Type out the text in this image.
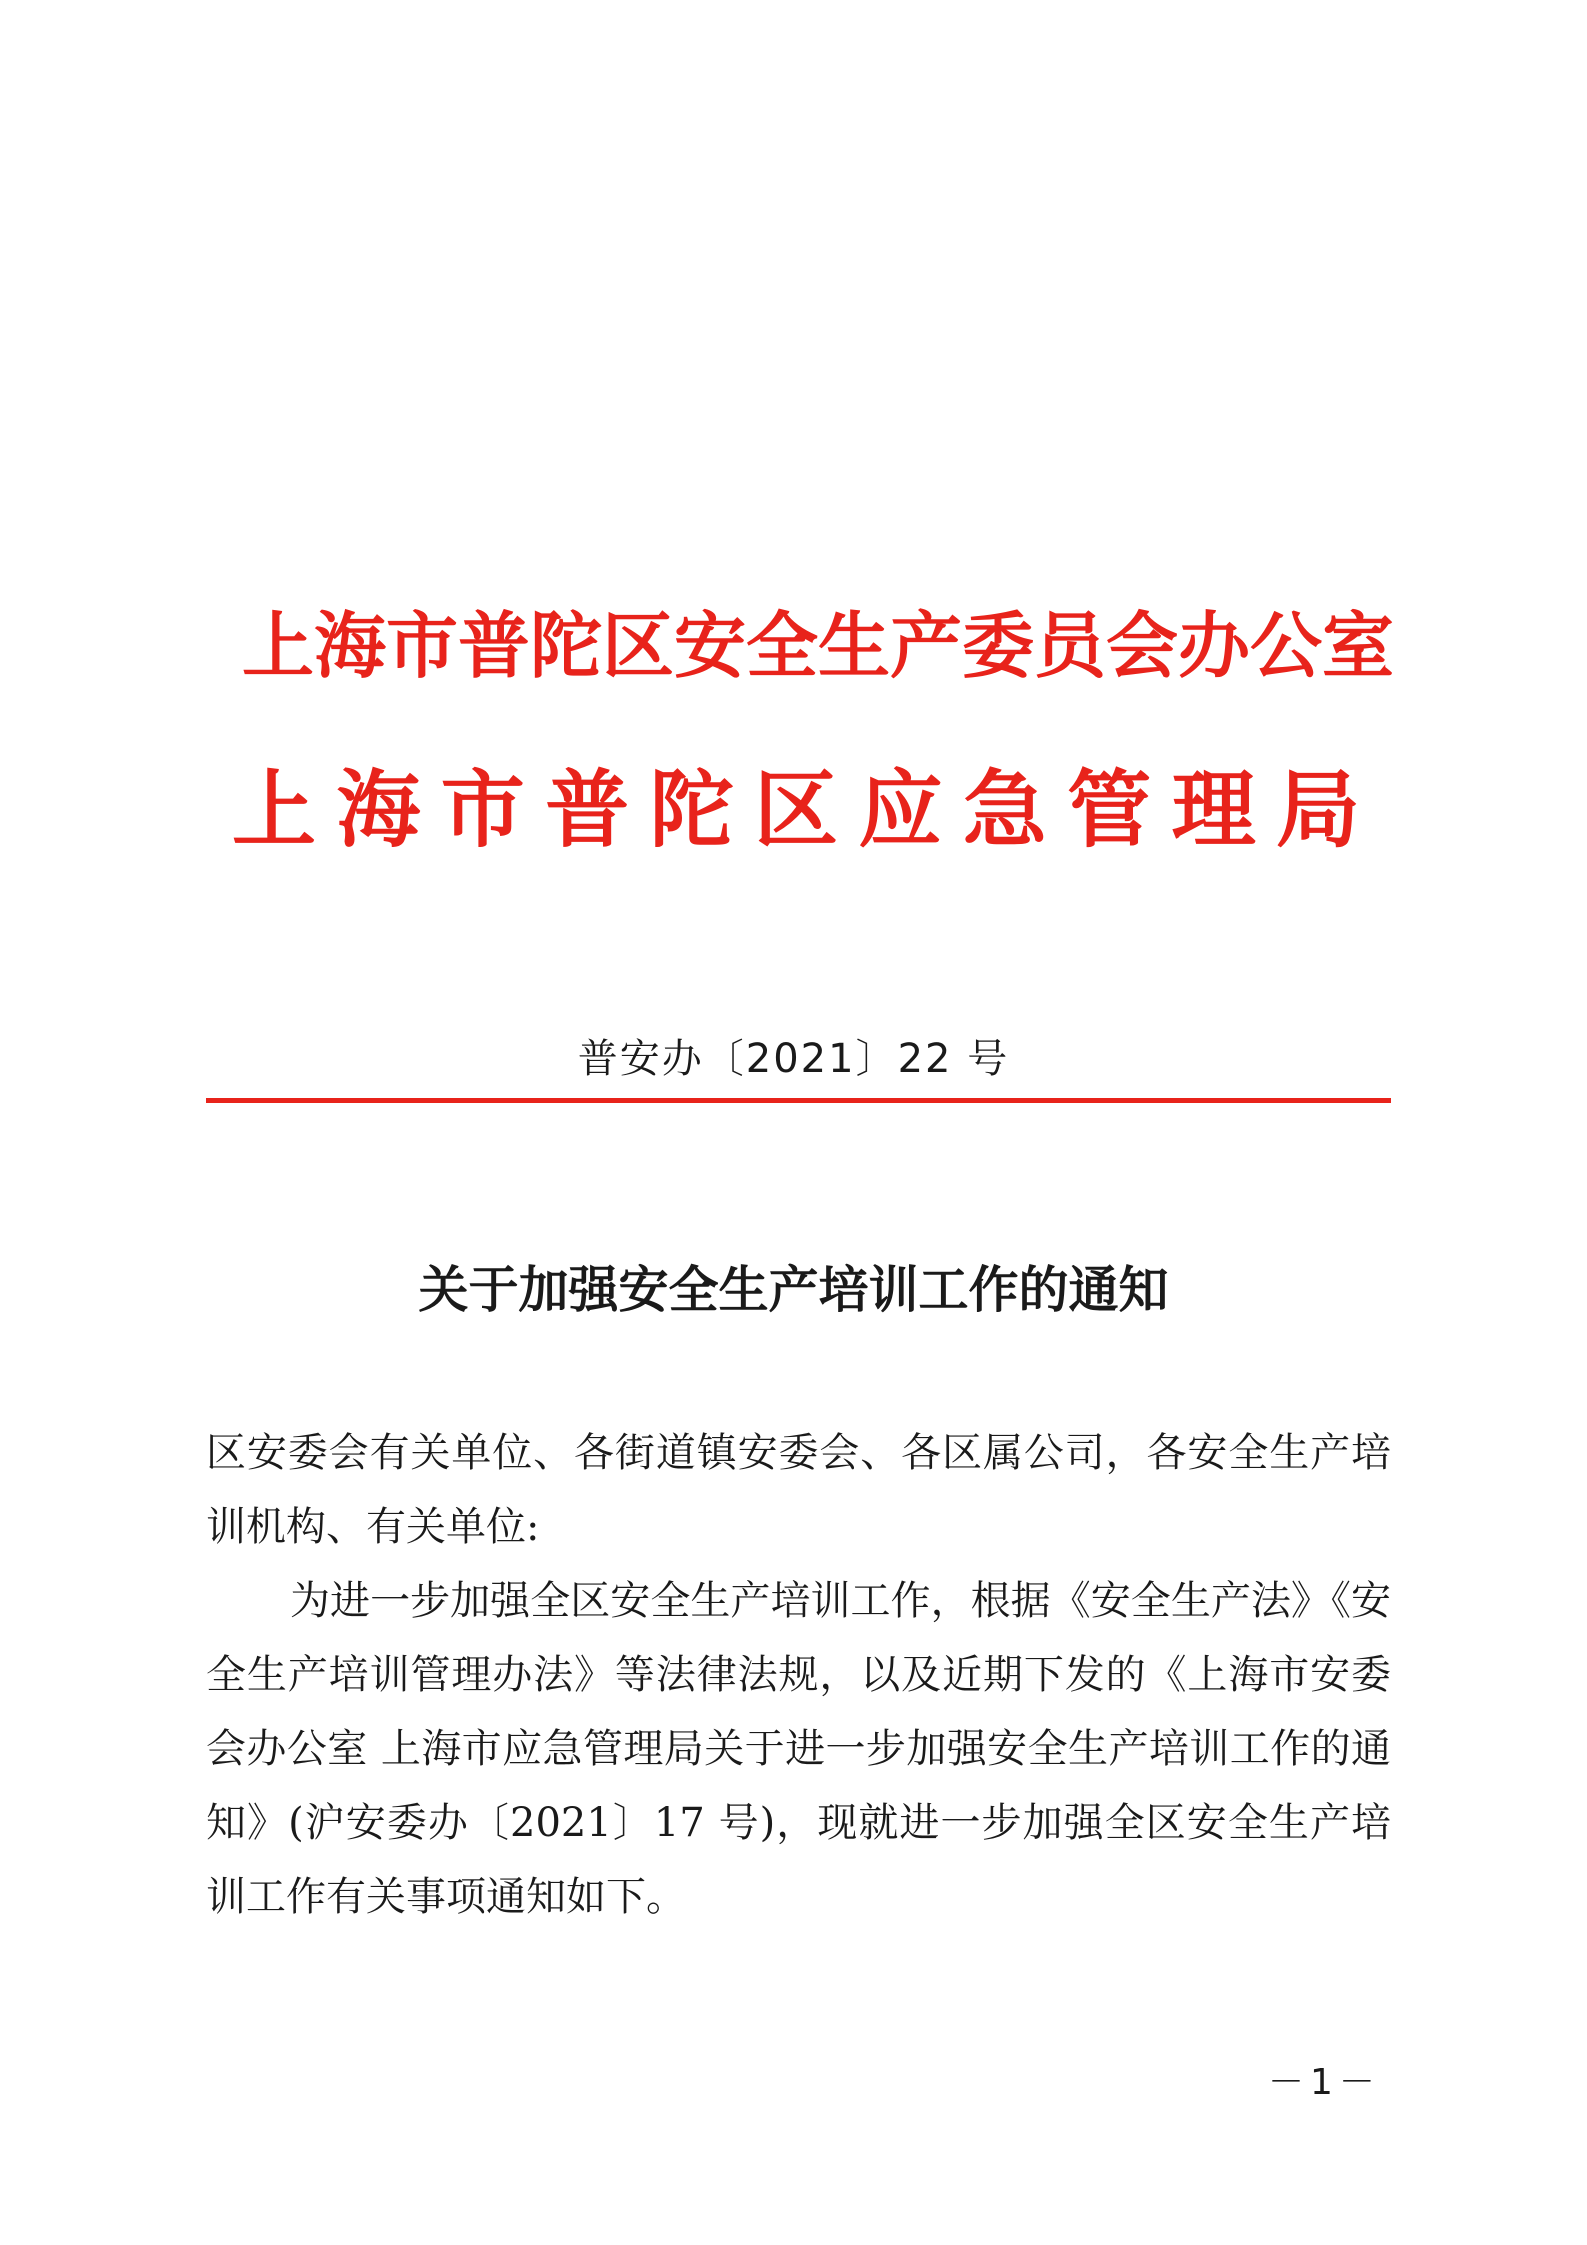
上海市普陀区安全生产委员会办公室
上海市普陀区应急管理局
普安办〔2021〕22 号
关于加强安全生产培训工作的通知

区安委会有关单位、各街道镇安委会、各区属公司，各安全生产培训机构、有关单位:

为进一步加强全区安全生产培训工作，根据《安全生产法》《安全生产培训管理办法》等法律法规，以及近期下发的《上海市安委会办公室 上海市应急管理局关于进一步加强安全生产培训工作的通知》(沪安委办〔2021〕17 号)，现就进一步加强全区安全生产培训工作有关事项通知如下。

－1－
